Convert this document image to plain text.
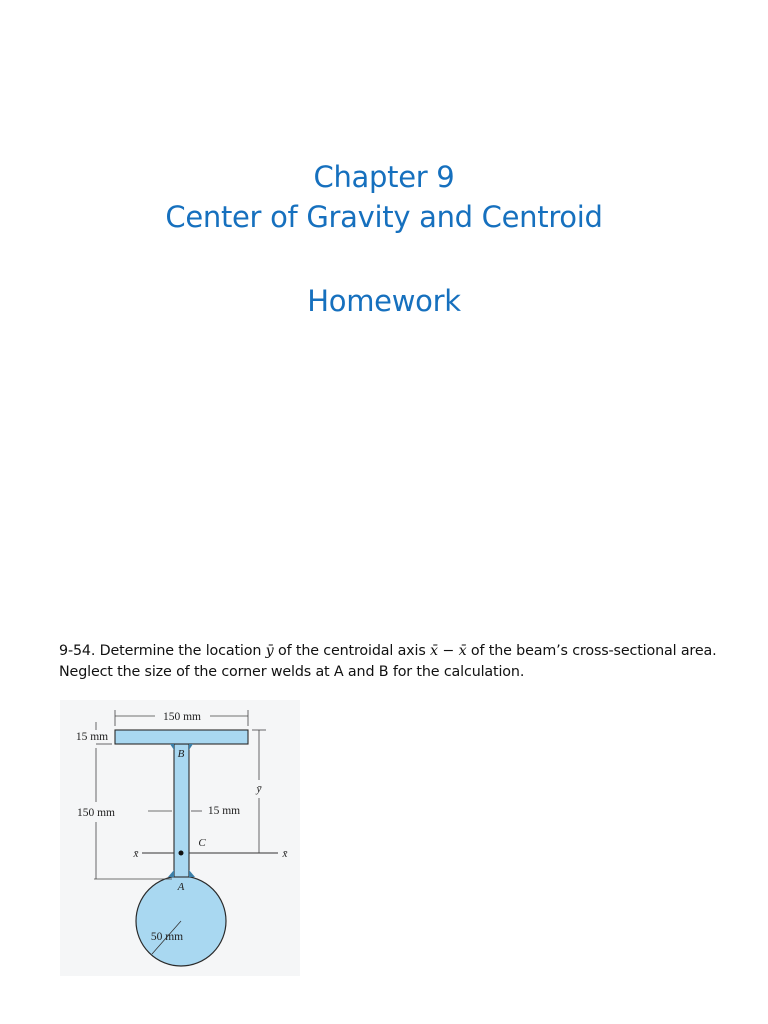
Chapter 9
Center of Gravity and Centroid
Homework
9-54. Determine the location ȳ of the centroidal axis x̄ − x̄ of the beam’s cross-sectional area. Neglect the size of the corner welds at A and B for the calculation.
150 mm
15 mm
150 mm	15 mm
x̄	x̄
C
ȳ
B
A
50 mm
